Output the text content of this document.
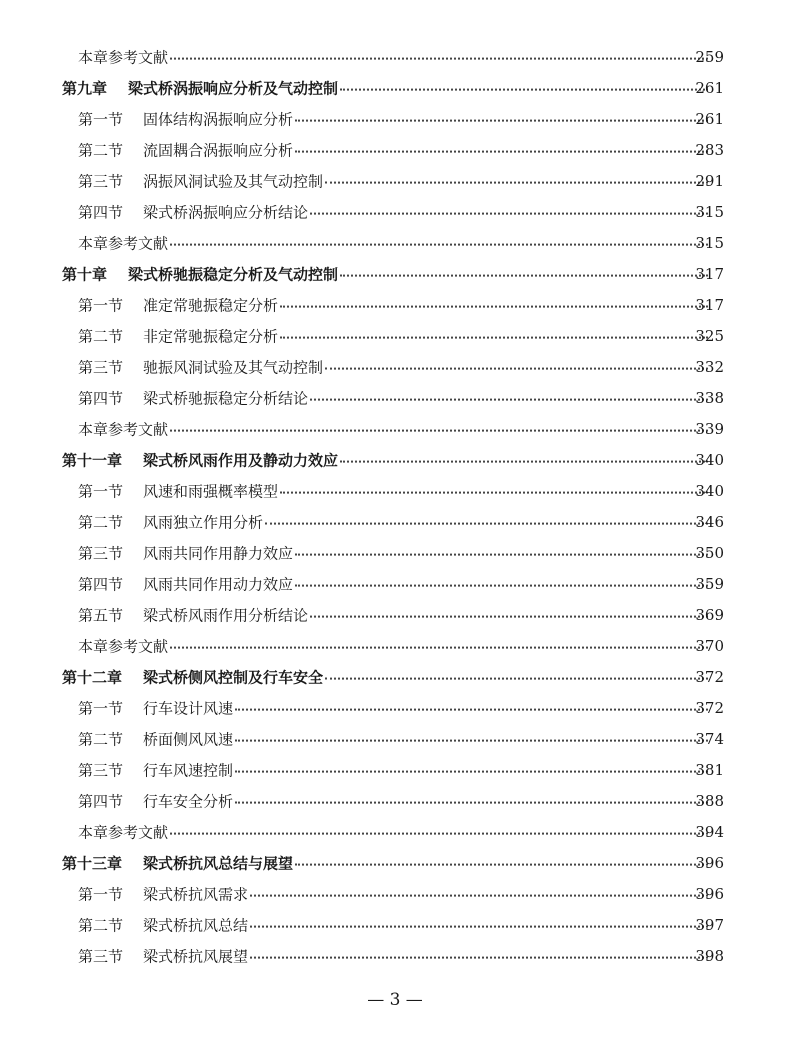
本章参考文献	259
第九章 梁式桥涡振响应分析及气动控制	261
第一节 固体结构涡振响应分析	261
第二节 流固耦合涡振响应分析	283
第三节 涡振风洞试验及其气动控制	291
第四节 梁式桥涡振响应分析结论	315
本章参考文献	315
第十章 梁式桥驰振稳定分析及气动控制	317
第一节 准定常驰振稳定分析	317
第二节 非定常驰振稳定分析	325
第三节 驰振风洞试验及其气动控制	332
第四节 梁式桥驰振稳定分析结论	338
本章参考文献	339
第十一章 梁式桥风雨作用及静动力效应	340
第一节 风速和雨强概率模型	340
第二节 风雨独立作用分析	346
第三节 风雨共同作用静力效应	350
第四节 风雨共同作用动力效应	359
第五节 梁式桥风雨作用分析结论	369
本章参考文献	370
第十二章 梁式桥侧风控制及行车安全	372
第一节 行车设计风速	372
第二节 桥面侧风风速	374
第三节 行车风速控制	381
第四节 行车安全分析	388
本章参考文献	394
第十三章 梁式桥抗风总结与展望	396
第一节 梁式桥抗风需求	396
第二节 梁式桥抗风总结	397
第三节 梁式桥抗风展望	398
— 3 —
